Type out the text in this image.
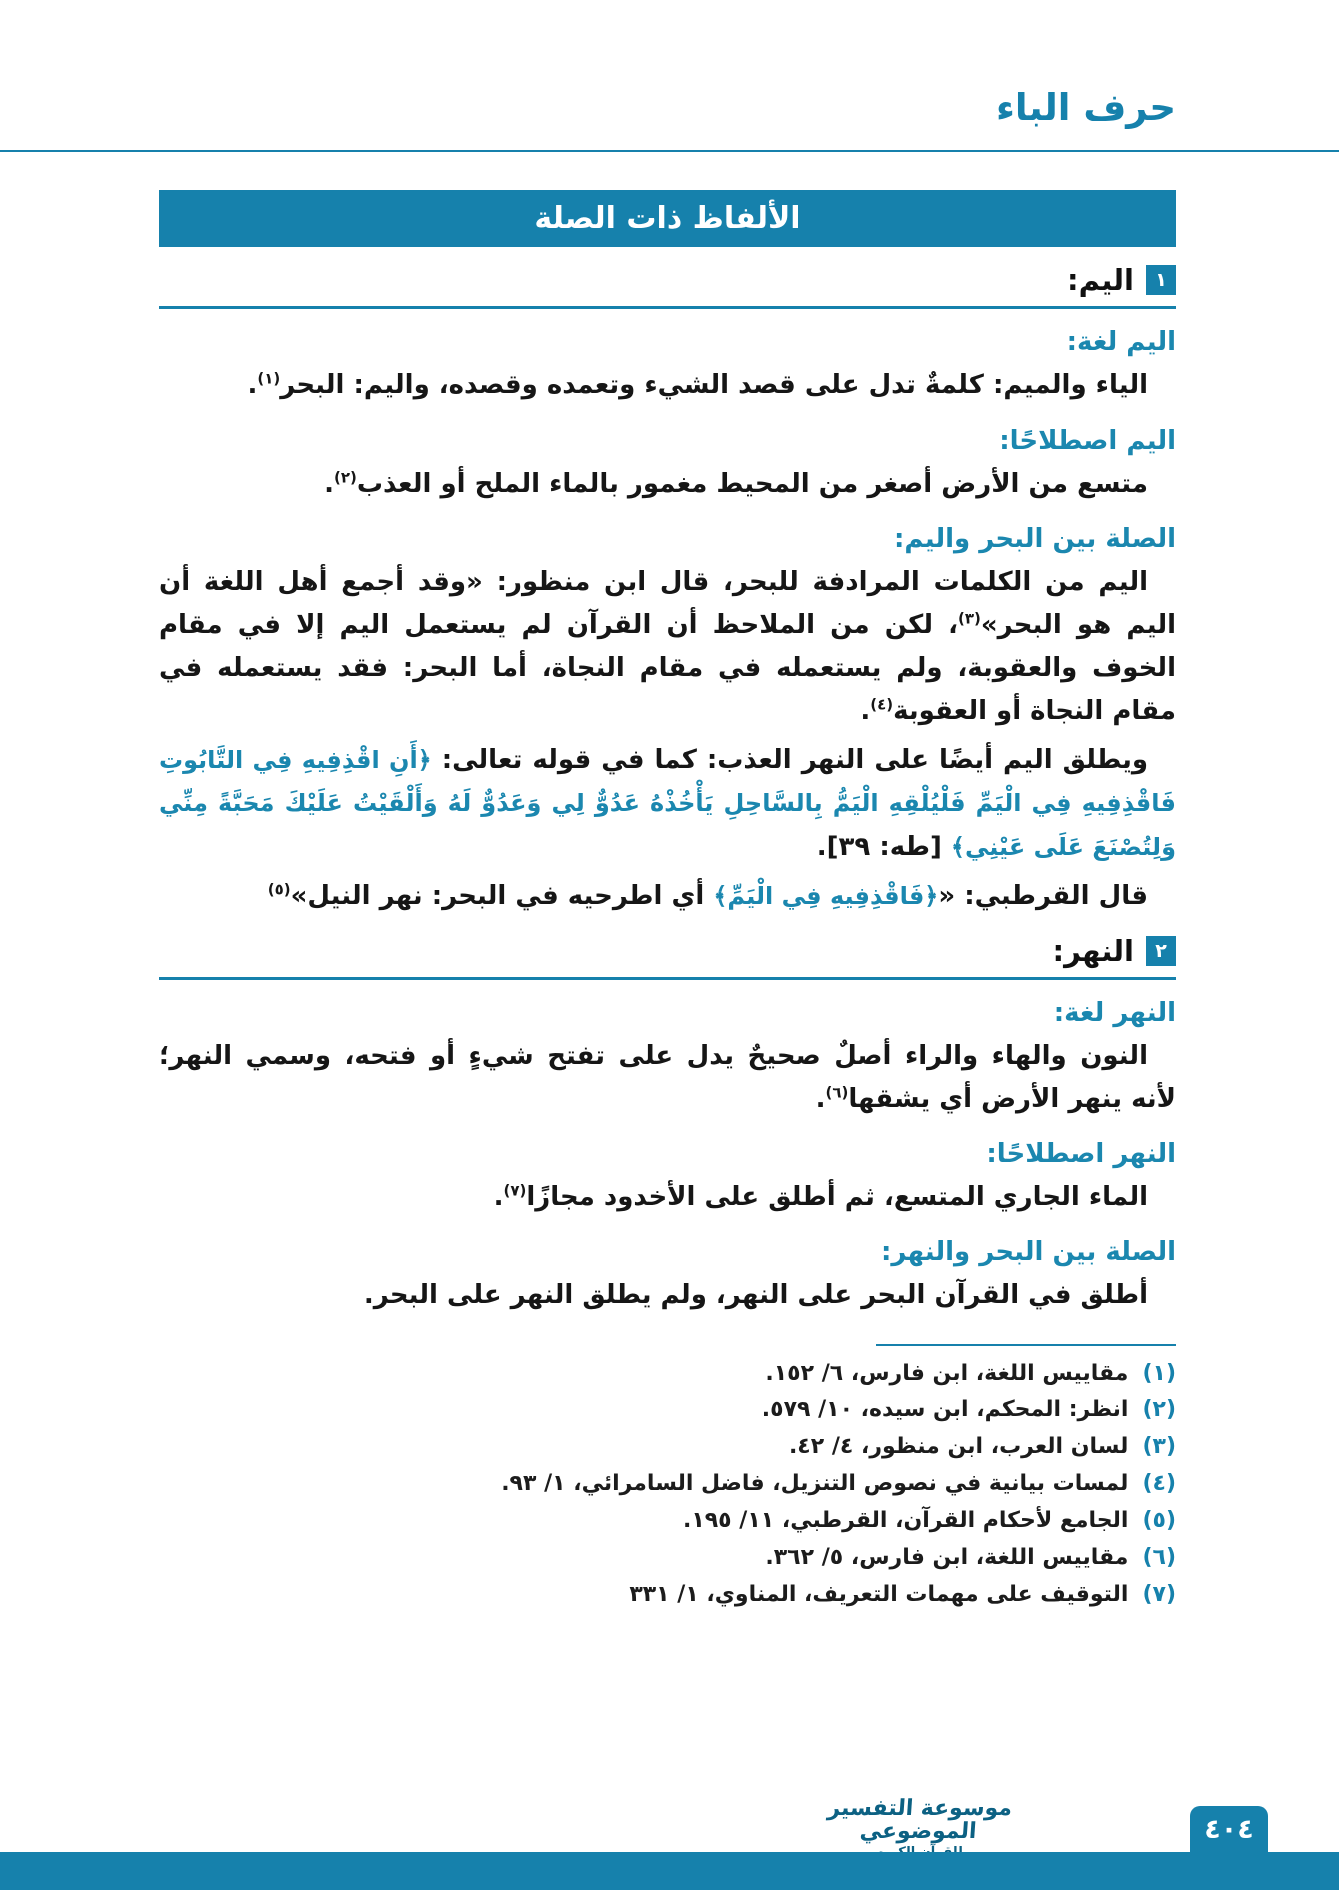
حرف الباء
الألفاظ ذات الصلة
١
اليم:
اليم لغة:

الياء والميم: كلمةٌ تدل على قصد الشيء وتعمده وقصده، واليم: البحر$^{(١)}$.

اليم اصطلاحًا:

متسع من الأرض أصغر من المحيط مغمور بالماء الملح أو العذب$^{(٢)}$.

الصلة بين البحر واليم:

اليم من الكلمات المرادفة للبحر، قال ابن منظور: «وقد أجمع أهل اللغة أن اليم هو البحر»$^{(٣)}$، لكن من الملاحظ أن القرآن لم يستعمل اليم إلا في مقام الخوف والعقوبة، ولم يستعمله في مقام النجاة، أما البحر: فقد يستعمله في مقام النجاة أو العقوبة$^{(٤)}$.

ويطلق اليم أيضًا على النهر العذب: كما في قوله تعالى: ﴿أَنِ اقْذِفِيهِ فِي التَّابُوتِ فَاقْذِفِيهِ فِي الْيَمِّ فَلْيُلْقِهِ الْيَمُّ بِالسَّاحِلِ يَأْخُذْهُ عَدُوٌّ لِي وَعَدُوٌّ لَهُ وَأَلْقَيْتُ عَلَيْكَ مَحَبَّةً مِنِّي وَلِتُصْنَعَ عَلَى عَيْنِي﴾ [طه: ٣٩].

قال القرطبي: «﴿فَاقْذِفِيهِ فِي الْيَمِّ﴾ أي اطرحيه في البحر: نهر النيل»$^{(٥)}$

٢
النهر:
النهر لغة:

النون والهاء والراء أصلٌ صحيحٌ يدل على تفتح شيءٍ أو فتحه، وسمي النهر؛ لأنه ينهر الأرض أي يشقها$^{(٦)}$.

النهر اصطلاحًا:

الماء الجاري المتسع، ثم أطلق على الأخدود مجازًا$^{(٧)}$.

الصلة بين البحر والنهر:

أطلق في القرآن البحر على النهر، ولم يطلق النهر على البحر.

(١)مقاييس اللغة، ابن فارس، ٦/ ١٥٢.
(٢)انظر: المحكم، ابن سيده، ١٠/ ٥٧٩.
(٣)لسان العرب، ابن منظور، ٤/ ٤٢.
(٤)لمسات بيانية في نصوص التنزيل، فاضل السامرائي، ١/ ٩٣.
(٥)الجامع لأحكام القرآن، القرطبي، ١١/ ١٩٥.
(٦)مقاييس اللغة، ابن فارس، ٥/ ٣٦٢.
(٧)التوقيف على مهمات التعريف، المناوي، ١/ ٣٣١
موسوعة التفسير الموضوعي	٤٠٤
